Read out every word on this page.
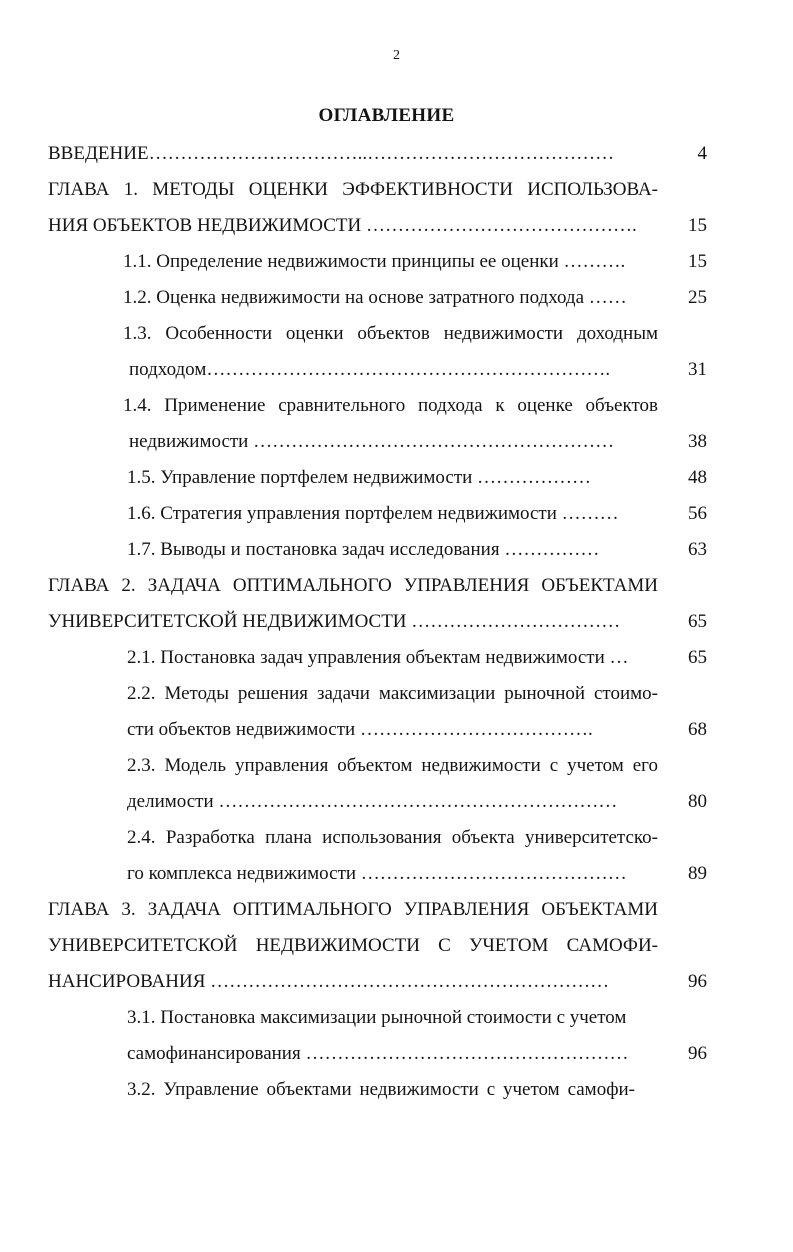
2
ОГЛАВЛЕНИЕ
ВВЕДЕНИЕ……………………………..…………………………………	4
ГЛАВА 1. МЕТОДЫ ОЦЕНКИ ЭФФЕКТИВНОСТИ ИСПОЛЬЗОВА-
НИЯ ОБЪЕКТОВ НЕДВИЖИМОСТИ …………………………………….	15
1.1. Определение недвижимости принципы ее оценки ……….	15
1.2. Оценка недвижимости на основе затратного подхода ……	25
1.3. Особенности оценки объектов недвижимости доходным
подходом……………………………………………………….	31
1.4. Применение сравнительного подхода к оценке объектов
недвижимости …………………………………………………	38
1.5. Управление портфелем недвижимости ………………	48
1.6. Стратегия управления портфелем недвижимости ………	56
1.7. Выводы и постановка задач исследования ……………	63
ГЛАВА 2. ЗАДАЧА ОПТИМАЛЬНОГО УПРАВЛЕНИЯ ОБЪЕКТАМИ
УНИВЕРСИТЕТСКОЙ НЕДВИЖИМОСТИ ……………………………	65
2.1. Постановка задач управления объектам недвижимости …	65
2.2. Методы решения задачи максимизации рыночной стоимо-
сти объектов недвижимости ……………………………….	68
2.3. Модель управления объектом недвижимости с учетом его
делимости ………………………………………………………	80
2.4. Разработка плана использования объекта университетско-
го комплекса недвижимости ……………………………………	89
ГЛАВА 3. ЗАДАЧА ОПТИМАЛЬНОГО УПРАВЛЕНИЯ ОБЪЕКТАМИ
УНИВЕРСИТЕТСКОЙ НЕДВИЖИМОСТИ С УЧЕТОМ САМОФИ-
НАНСИРОВАНИЯ ………………………………………………………	96
3.1. Постановка максимизации рыночной стоимости с учетом
самофинансирования ……………………………………………	96
3.2. Управление объектами недвижимости с учетом самофи-
